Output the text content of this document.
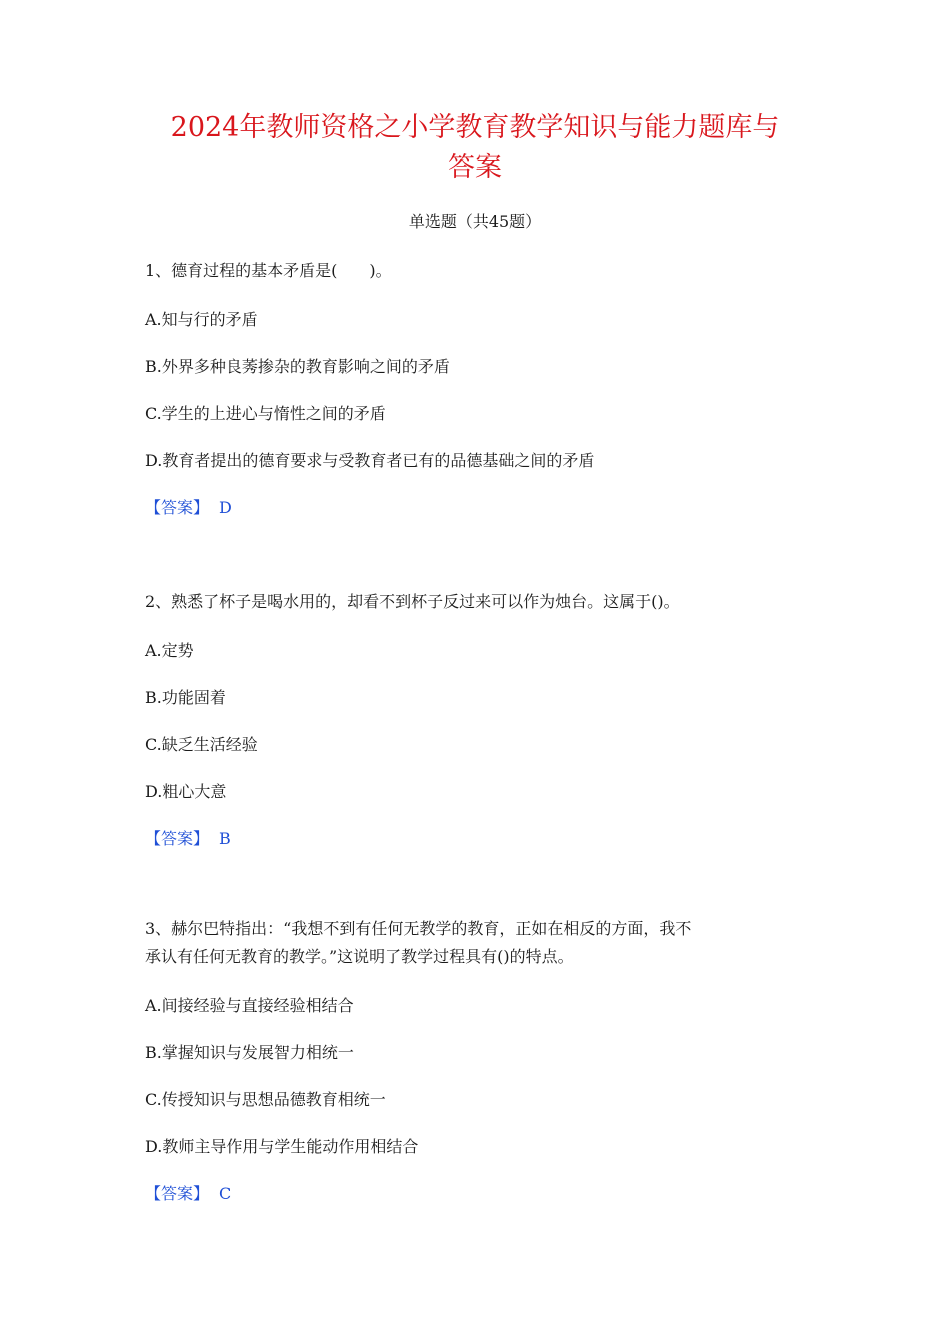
2024年教师资格之小学教育教学知识与能力题库与
答案
单选题（共45题）
1、德育过程的基本矛盾是(　　)。
A.知与行的矛盾
B.外界多种良莠掺杂的教育影响之间的矛盾
C.学生的上进心与惰性之间的矛盾
D.教育者提出的德育要求与受教育者已有的品德基础之间的矛盾
【答案】 D
2、熟悉了杯子是喝水用的，却看不到杯子反过来可以作为烛台。这属于()。
A.定势
B.功能固着
C.缺乏生活经验
D.粗心大意
【答案】 B
3、赫尔巴特指出：“我想不到有任何无教学的教育，正如在相反的方面，我不
承认有任何无教育的教学。”这说明了教学过程具有()的特点。
A.间接经验与直接经验相结合
B.掌握知识与发展智力相统一
C.传授知识与思想品德教育相统一
D.教师主导作用与学生能动作用相结合
【答案】 C
